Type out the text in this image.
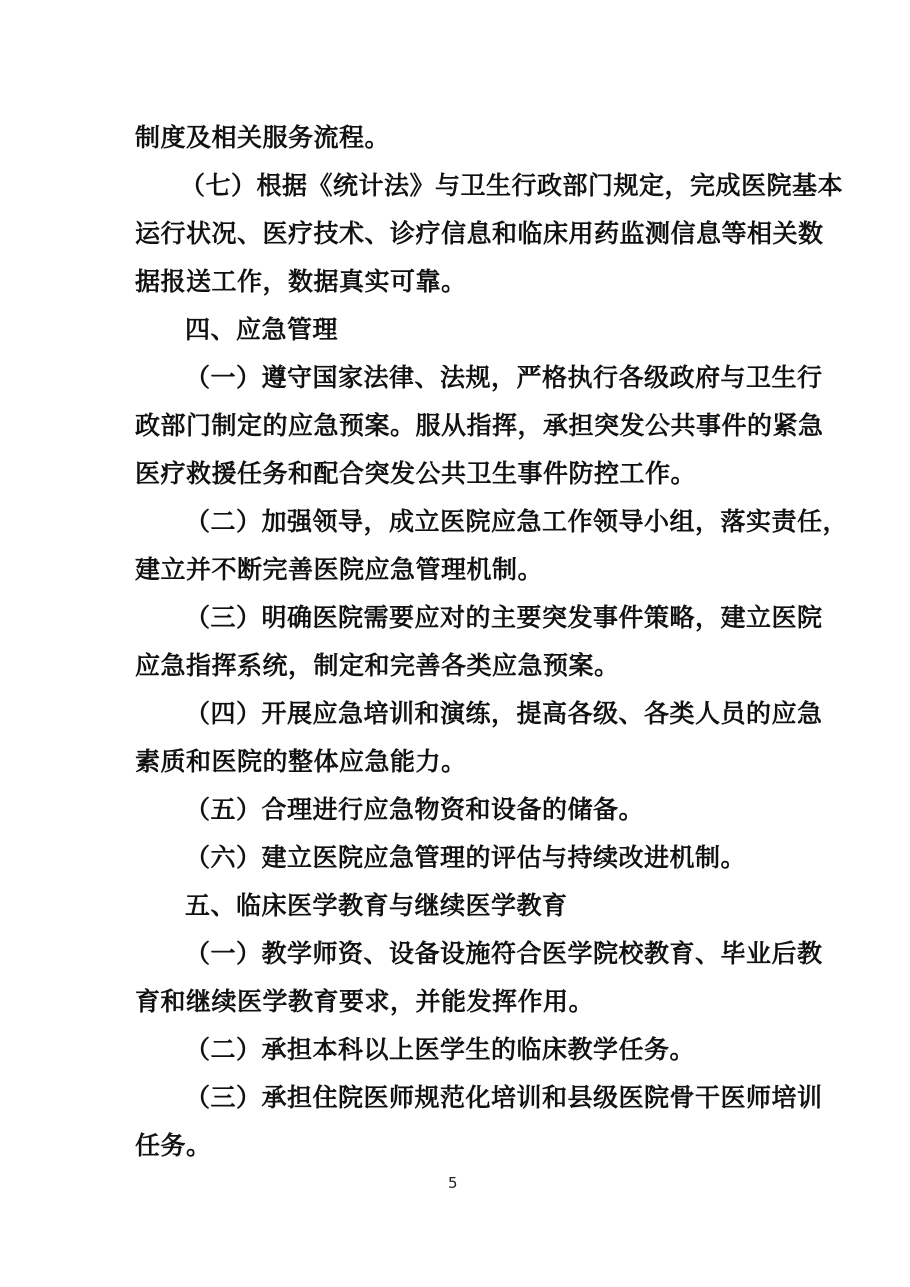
制度及相关服务流程。
（七）根据《统计法》与卫生行政部门规定，完成医院基本
运行状况、医疗技术、诊疗信息和临床用药监测信息等相关数
据报送工作，数据真实可靠。
四、应急管理
（一）遵守国家法律、法规，严格执行各级政府与卫生行
政部门制定的应急预案。服从指挥，承担突发公共事件的紧急
医疗救援任务和配合突发公共卫生事件防控工作。
（二）加强领导，成立医院应急工作领导小组，落实责任，
建立并不断完善医院应急管理机制。
（三）明确医院需要应对的主要突发事件策略，建立医院
应急指挥系统，制定和完善各类应急预案。
（四）开展应急培训和演练，提高各级、各类人员的应急
素质和医院的整体应急能力。
（五）合理进行应急物资和设备的储备。
（六）建立医院应急管理的评估与持续改进机制。
五、临床医学教育与继续医学教育
（一）教学师资、设备设施符合医学院校教育、毕业后教
育和继续医学教育要求，并能发挥作用。
（二）承担本科以上医学生的临床教学任务。
（三）承担住院医师规范化培训和县级医院骨干医师培训
任务。
5
